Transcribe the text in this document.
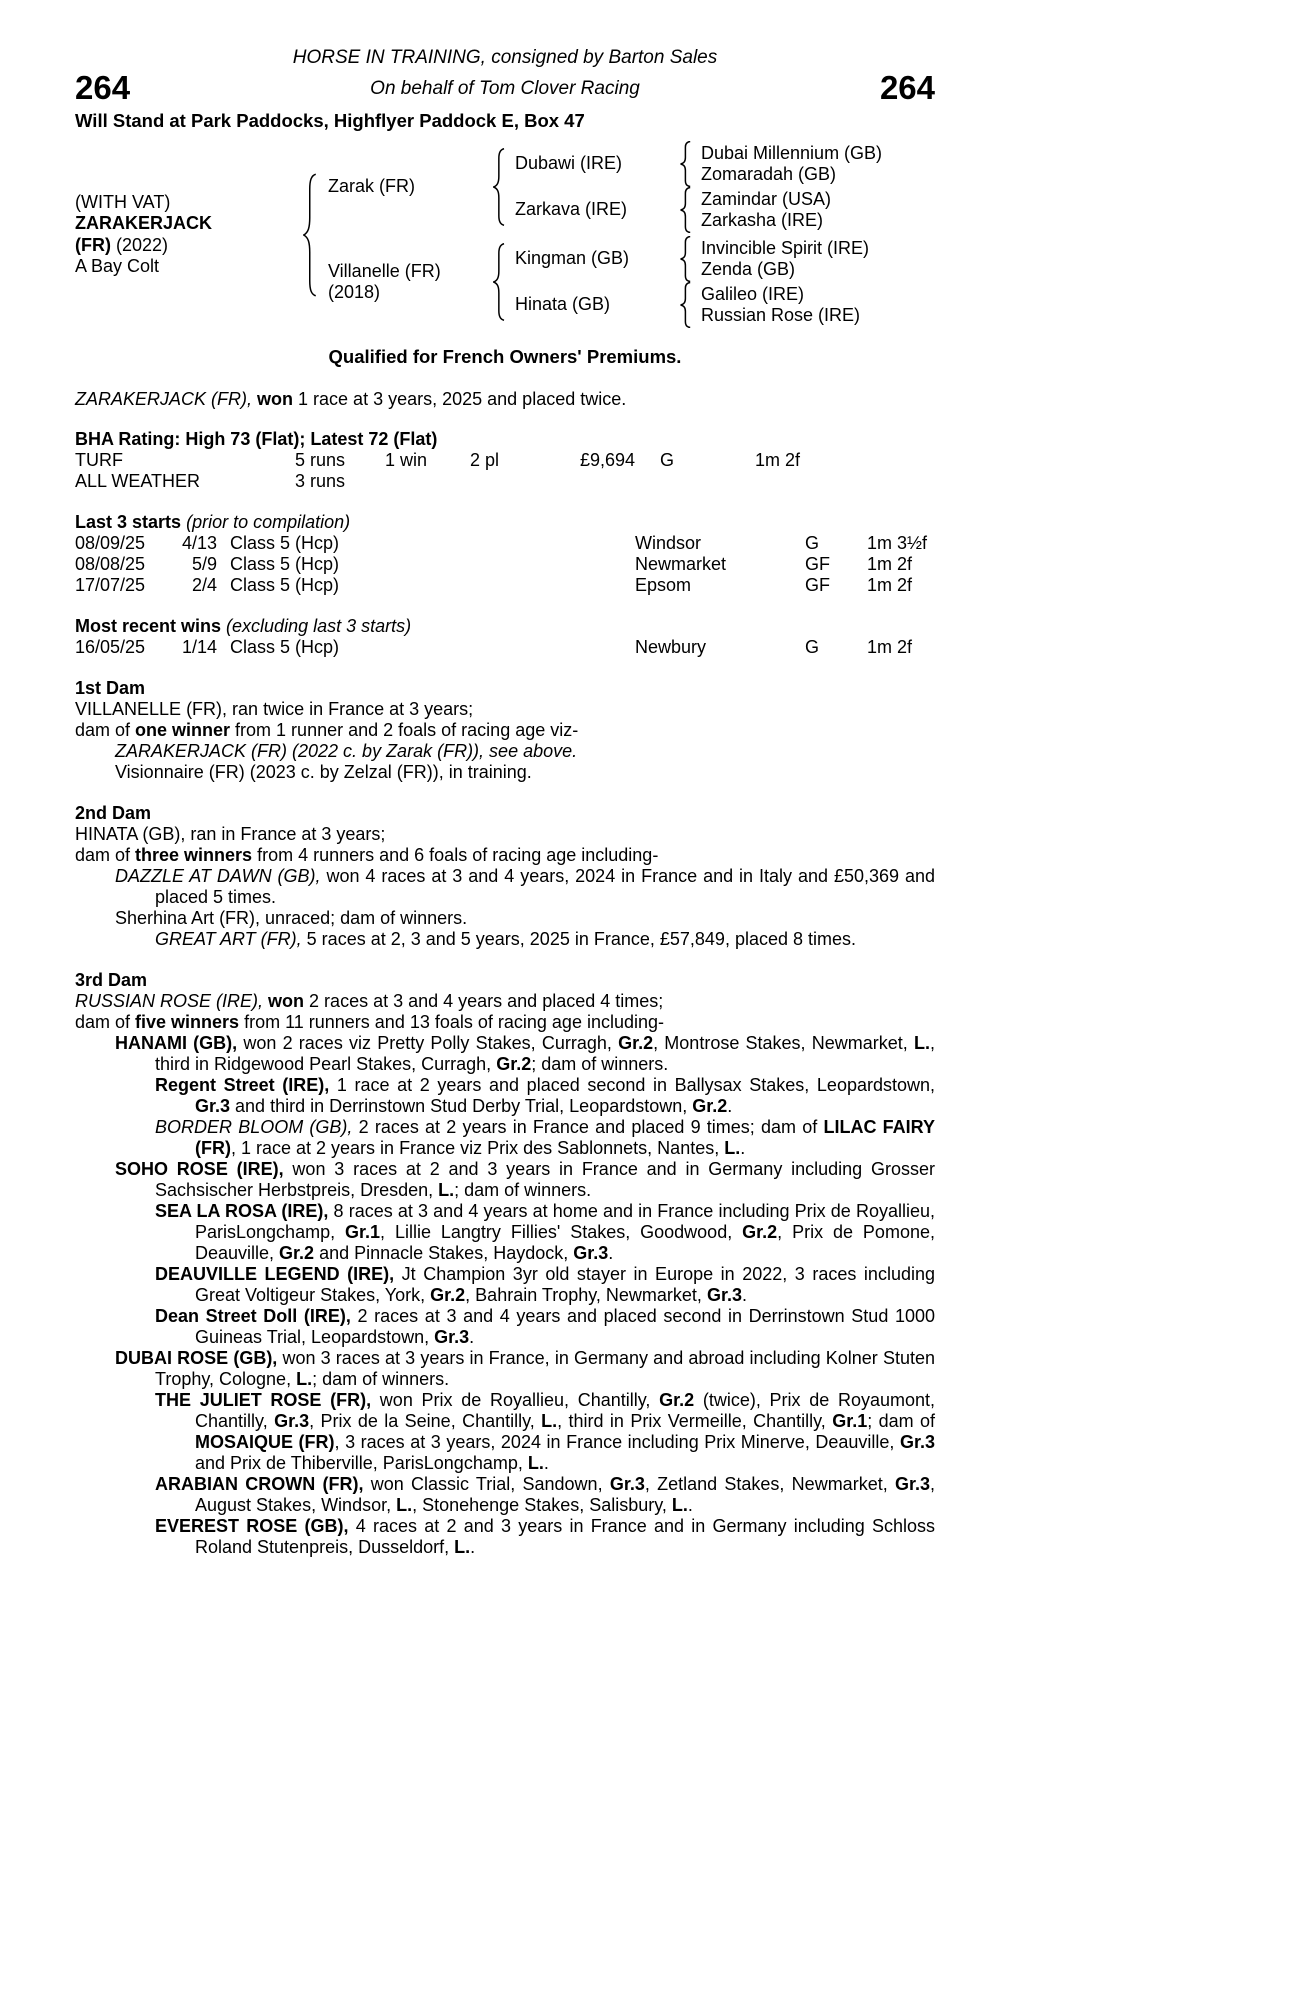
HORSE IN TRAINING, consigned by Barton Sales
264	On behalf of Tom Clover Racing	264
Will Stand at Park Paddocks, Highflyer Paddock E, Box 47
(WITH VAT)
ZARAKERJACK
(FR) (2022)
A Bay Colt
Zarak (FR)
Dubawi (IRE)
Dubai Millennium (GB)
Zomaradah (GB)
Zarkava (IRE)
Zamindar (USA)
Zarkasha (IRE)
Villanelle (FR)
(2018)
Kingman (GB)
Invincible Spirit (IRE)
Zenda (GB)
Hinata (GB)
Galileo (IRE)
Russian Rose (IRE)
Qualified for French Owners' Premiums.
ZARAKERJACK (FR), won 1 race at 3 years, 2025 and placed twice.
BHA Rating: High 73 (Flat); Latest 72 (Flat)
TURF	5 runs	1 win	2 pl	£9,694	G	1m 2f
ALL WEATHER	3 runs
Last 3 starts (prior to compilation)
08/09/25	4/13 Class 5 (Hcp)	Windsor	G	1m 3½f
08/08/25	5/9 Class 5 (Hcp)	Newmarket	GF	1m 2f
17/07/25	2/4 Class 5 (Hcp)	Epsom	GF	1m 2f
Most recent wins (excluding last 3 starts)
16/05/25	1/14 Class 5 (Hcp)	Newbury	G	1m 2f
1st Dam
VILLANELLE (FR), ran twice in France at 3 years;
dam of one winner from 1 runner and 2 foals of racing age viz-
ZARAKERJACK (FR) (2022 c. by Zarak (FR)), see above.
Visionnaire (FR) (2023 c. by Zelzal (FR)), in training.
2nd Dam
HINATA (GB), ran in France at 3 years;
dam of three winners from 4 runners and 6 foals of racing age including-
DAZZLE AT DAWN (GB), won 4 races at 3 and 4 years, 2024 in France and in Italy and £50,369 and placed 5 times.
Sherhina Art (FR), unraced; dam of winners.
GREAT ART (FR), 5 races at 2, 3 and 5 years, 2025 in France, £57,849, placed 8 times.
3rd Dam
RUSSIAN ROSE (IRE), won 2 races at 3 and 4 years and placed 4 times;
dam of five winners from 11 runners and 13 foals of racing age including-
HANAMI (GB), won 2 races viz Pretty Polly Stakes, Curragh, Gr.2, Montrose Stakes, Newmarket, L., third in Ridgewood Pearl Stakes, Curragh, Gr.2; dam of winners.
Regent Street (IRE), 1 race at 2 years and placed second in Ballysax Stakes, Leopardstown, Gr.3 and third in Derrinstown Stud Derby Trial, Leopardstown, Gr.2.
BORDER BLOOM (GB), 2 races at 2 years in France and placed 9 times; dam of LILAC FAIRY (FR), 1 race at 2 years in France viz Prix des Sablonnets, Nantes, L..
SOHO ROSE (IRE), won 3 races at 2 and 3 years in France and in Germany including Grosser Sachsischer Herbstpreis, Dresden, L.; dam of winners.
SEA LA ROSA (IRE), 8 races at 3 and 4 years at home and in France including Prix de Royallieu, ParisLongchamp, Gr.1, Lillie Langtry Fillies' Stakes, Goodwood, Gr.2, Prix de Pomone, Deauville, Gr.2 and Pinnacle Stakes, Haydock, Gr.3.
DEAUVILLE LEGEND (IRE), Jt Champion 3yr old stayer in Europe in 2022, 3 races including Great Voltigeur Stakes, York, Gr.2, Bahrain Trophy, Newmarket, Gr.3.
Dean Street Doll (IRE), 2 races at 3 and 4 years and placed second in Derrinstown Stud 1000 Guineas Trial, Leopardstown, Gr.3.
DUBAI ROSE (GB), won 3 races at 3 years in France, in Germany and abroad including Kolner Stuten Trophy, Cologne, L.; dam of winners.
THE JULIET ROSE (FR), won Prix de Royallieu, Chantilly, Gr.2 (twice), Prix de Royaumont, Chantilly, Gr.3, Prix de la Seine, Chantilly, L., third in Prix Vermeille, Chantilly, Gr.1; dam of MOSAIQUE (FR), 3 races at 3 years, 2024 in France including Prix Minerve, Deauville, Gr.3 and Prix de Thiberville, ParisLongchamp, L..
ARABIAN CROWN (FR), won Classic Trial, Sandown, Gr.3, Zetland Stakes, Newmarket, Gr.3, August Stakes, Windsor, L., Stonehenge Stakes, Salisbury, L..
EVEREST ROSE (GB), 4 races at 2 and 3 years in France and in Germany including Schloss Roland Stutenpreis, Dusseldorf, L..
